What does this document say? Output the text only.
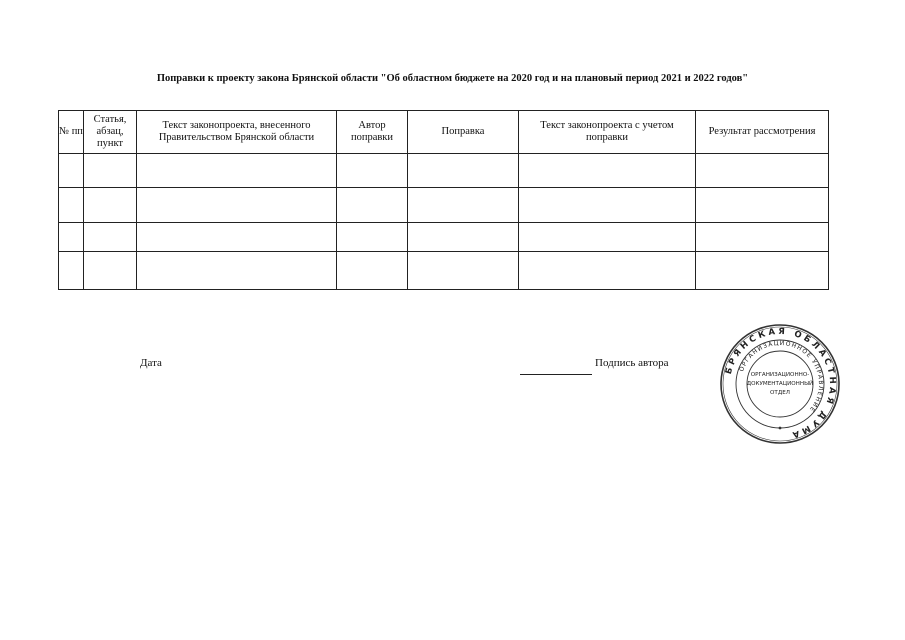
Поправки к проекту закона Брянской области "Об областном бюджете на 2020 год и на плановый период 2021 и 2022 годов"
№ пп	Статья, абзац, пункт	Текст законопроекта, внесенного Правительством Брянской области	Автор поправки	Поправка	Текст законопроекта с учетом поправки	Результат рассмотрения

Дата	Подпись автора
БРЯНСКАЯ ОБЛАСТНАЯ ДУМА
ОРГАНИЗАЦИОННОЕ УПРАВЛЕНИЕ
ОРГАНИЗАЦИОННО-
ДОКУМЕНТАЦИОННЫЙ
ОТДЕЛ
